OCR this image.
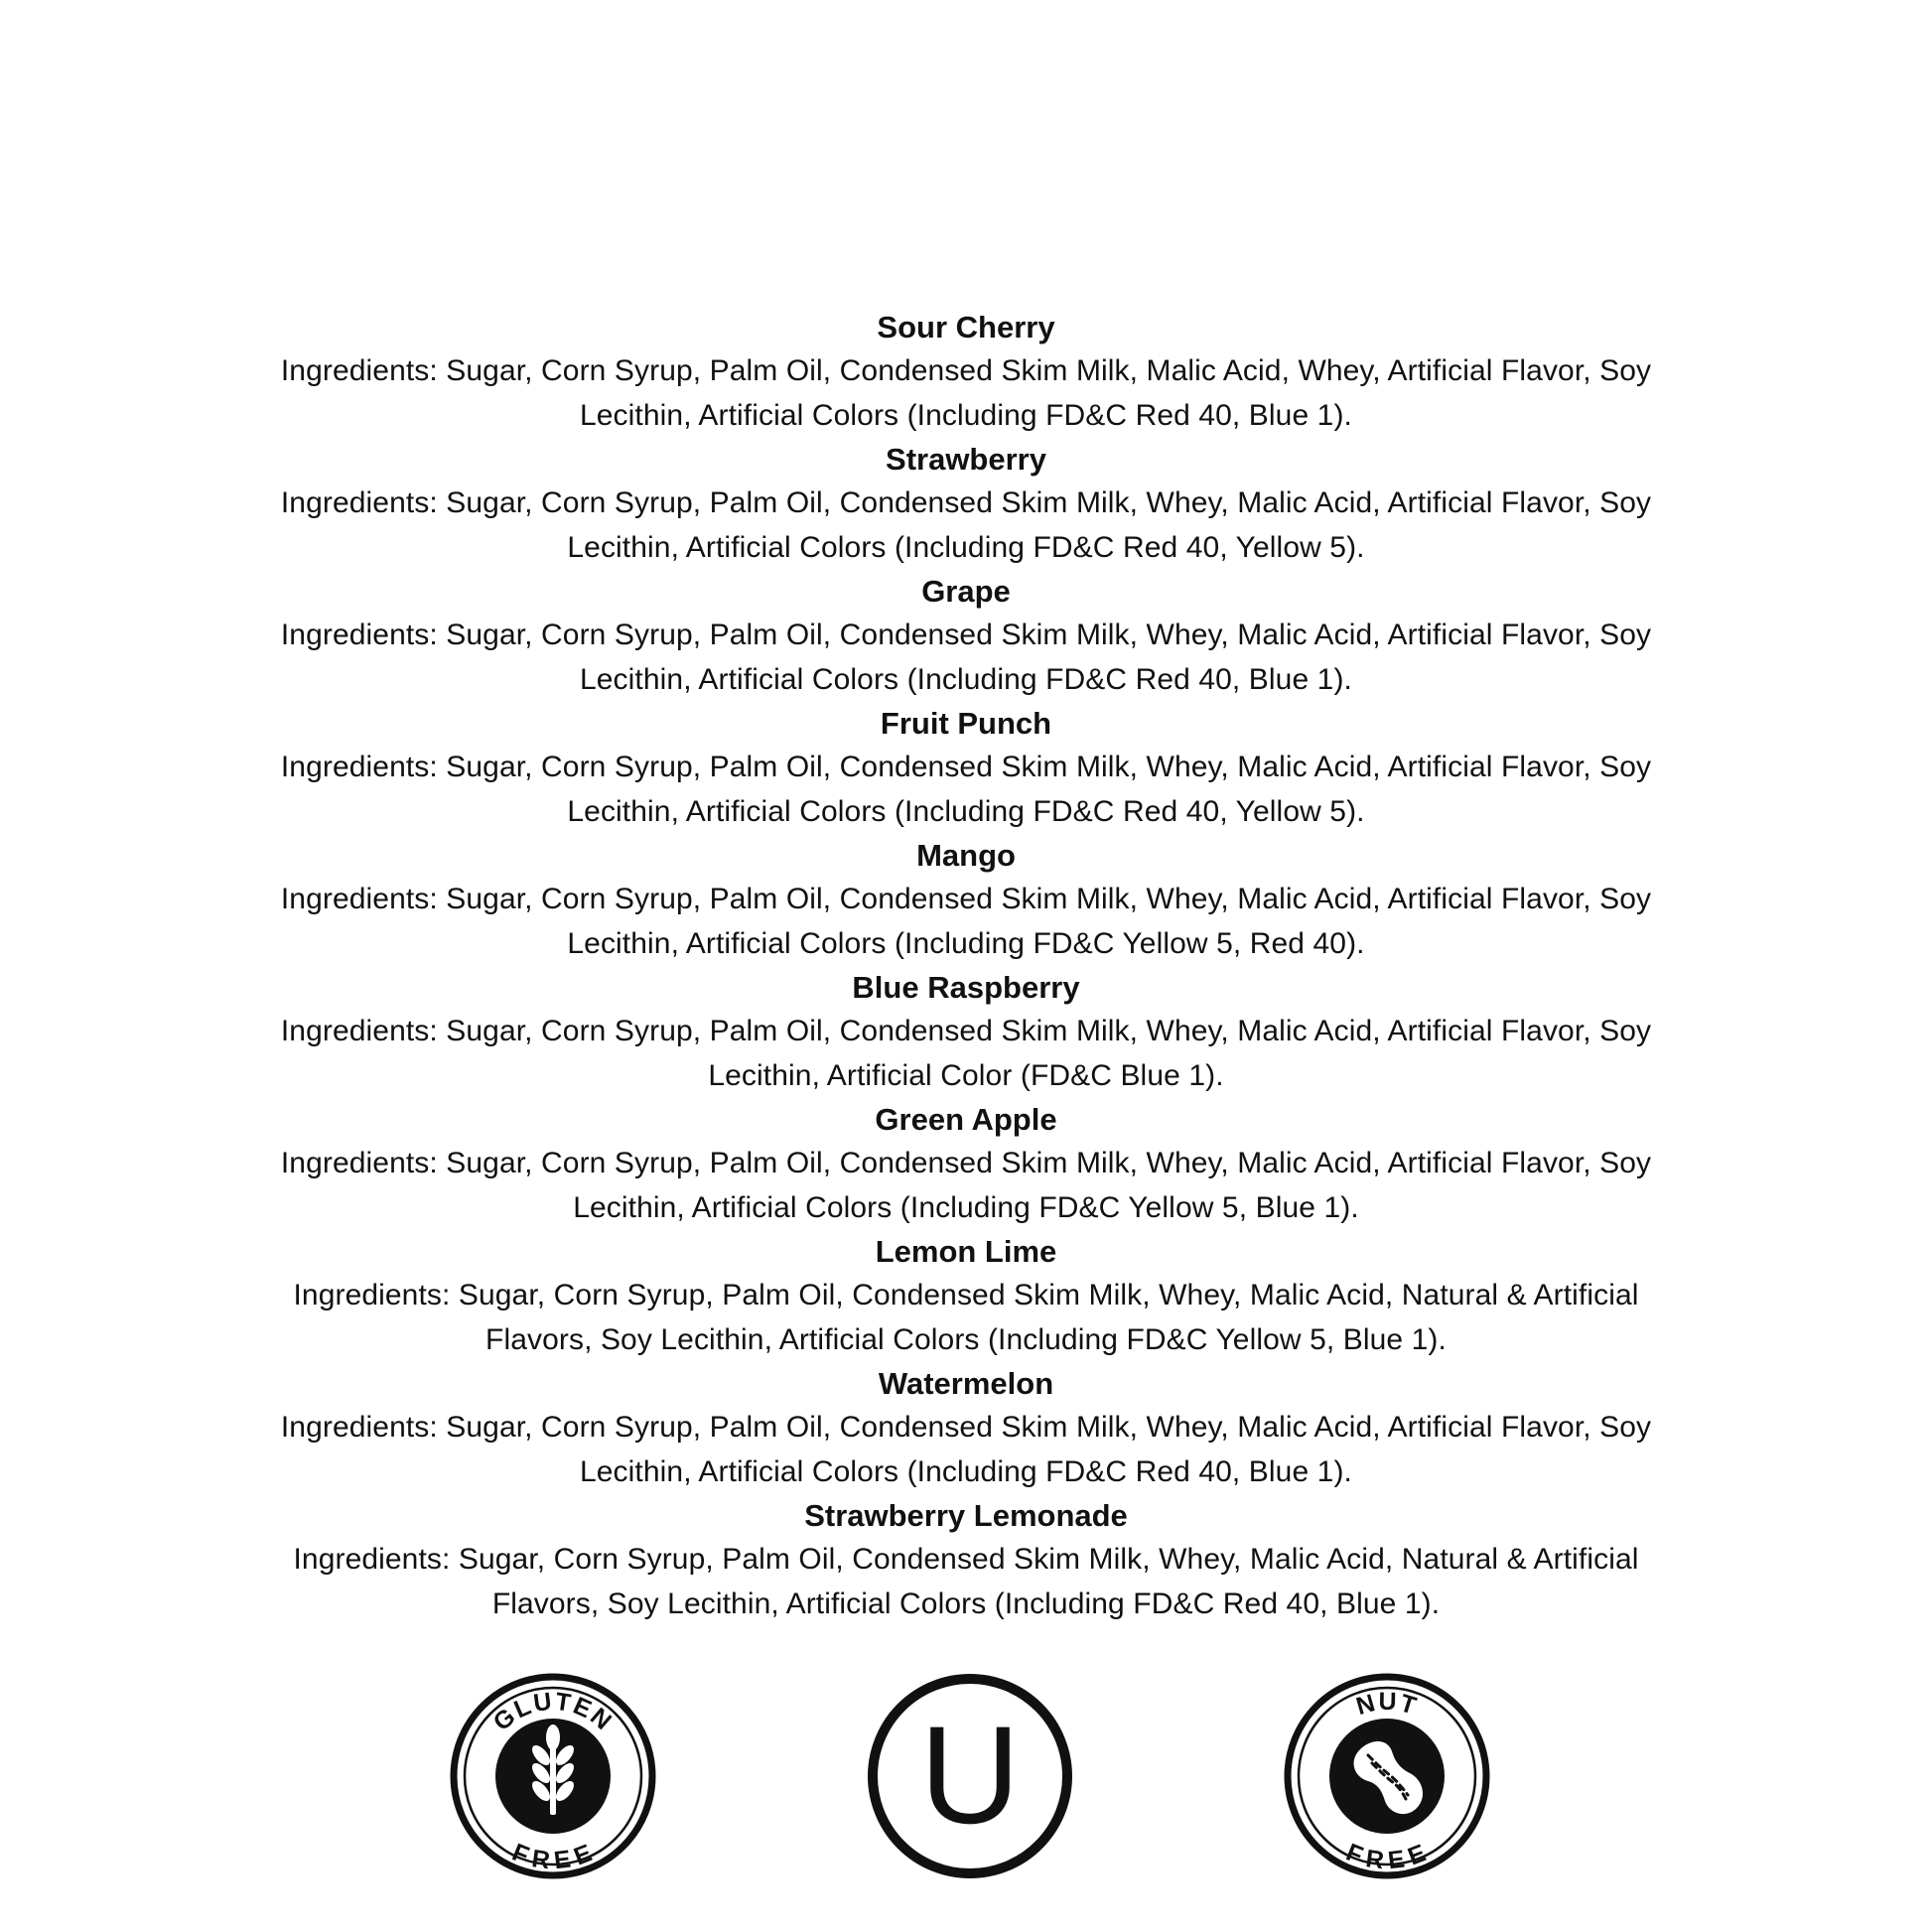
Sour Cherry
Ingredients: Sugar, Corn Syrup, Palm Oil, Condensed Skim Milk, Malic Acid, Whey, Artificial Flavor, Soy
Lecithin, Artificial Colors (Including FD&C Red 40, Blue 1).
Strawberry
Ingredients: Sugar, Corn Syrup, Palm Oil, Condensed Skim Milk, Whey, Malic Acid, Artificial Flavor, Soy
Lecithin, Artificial Colors (Including FD&C Red 40, Yellow 5).
Grape
Ingredients: Sugar, Corn Syrup, Palm Oil, Condensed Skim Milk, Whey, Malic Acid, Artificial Flavor, Soy
Lecithin, Artificial Colors (Including FD&C Red 40, Blue 1).
Fruit Punch
Ingredients: Sugar, Corn Syrup, Palm Oil, Condensed Skim Milk, Whey, Malic Acid, Artificial Flavor, Soy
Lecithin, Artificial Colors (Including FD&C Red 40, Yellow 5).
Mango
Ingredients: Sugar, Corn Syrup, Palm Oil, Condensed Skim Milk, Whey, Malic Acid, Artificial Flavor, Soy
Lecithin, Artificial Colors (Including FD&C Yellow 5, Red 40).
Blue Raspberry
Ingredients: Sugar, Corn Syrup, Palm Oil, Condensed Skim Milk, Whey, Malic Acid, Artificial Flavor, Soy
Lecithin, Artificial Color (FD&C Blue 1).
Green Apple
Ingredients: Sugar, Corn Syrup, Palm Oil, Condensed Skim Milk, Whey, Malic Acid, Artificial Flavor, Soy
Lecithin, Artificial Colors (Including FD&C Yellow 5, Blue 1).
Lemon Lime
Ingredients: Sugar, Corn Syrup, Palm Oil, Condensed Skim Milk, Whey, Malic Acid, Natural & Artificial
Flavors, Soy Lecithin, Artificial Colors (Including FD&C Yellow 5, Blue 1).
Watermelon
Ingredients: Sugar, Corn Syrup, Palm Oil, Condensed Skim Milk, Whey, Malic Acid, Artificial Flavor, Soy
Lecithin, Artificial Colors (Including FD&C Red 40, Blue 1).
Strawberry Lemonade
Ingredients: Sugar, Corn Syrup, Palm Oil, Condensed Skim Milk, Whey, Malic Acid, Natural & Artificial
Flavors, Soy Lecithin, Artificial Colors (Including FD&C Red 40, Blue 1).
GLUTEN
FREE
U	NUT
FREE
